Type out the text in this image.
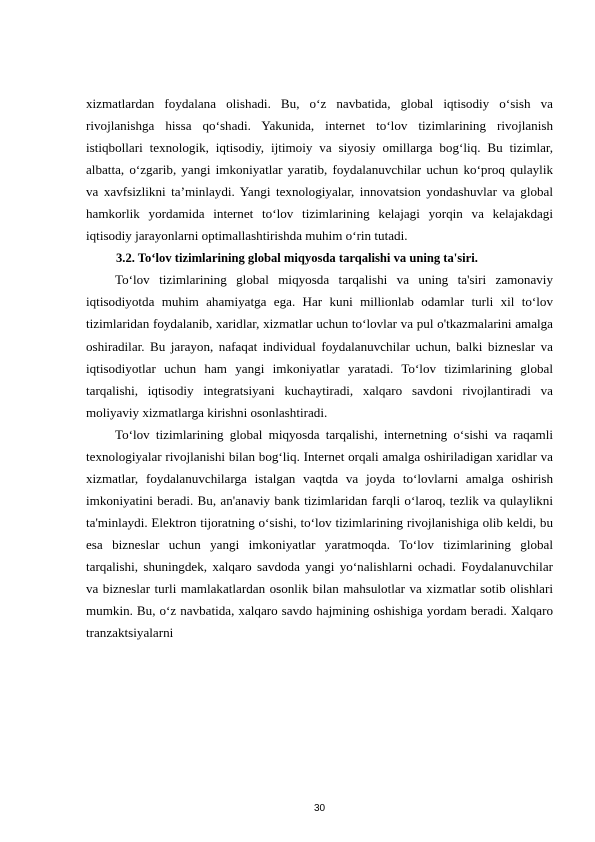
xizmatlardan foydalana olishadi. Bu, o‘z navbatida, global iqtisodiy o‘sish va rivojlanishga hissa qo‘shadi. Yakunida, internet to‘lov tizimlarining rivojlanish istiqbollari texnologik, iqtisodiy, ijtimoiy va siyosiy omillarga bog‘liq. Bu tizimlar, albatta, o‘zgarib, yangi imkoniyatlar yaratib, foydalanuvchilar uchun ko‘proq qulaylik va xavfsizlikni ta’minlaydi. Yangi texnologiyalar, innovatsion yondashuvlar va global hamkorlik yordamida internet to‘lov tizimlarining kelajagi yorqin va kelajakdagi iqtisodiy jarayonlarni optimallashtirishda muhim o‘rin tutadi.

3.2. To‘lov tizimlarining global miqyosda tarqalishi va uning ta'siri.

To‘lov tizimlarining global miqyosda tarqalishi va uning ta'siri zamonaviy iqtisodiyotda muhim ahamiyatga ega. Har kuni millionlab odamlar turli xil to‘lov tizimlaridan foydalanib, xaridlar, xizmatlar uchun to‘lovlar va pul o'tkazmalarini amalga oshiradilar. Bu jarayon, nafaqat individual foydalanuvchilar uchun, balki bizneslar va iqtisodiyotlar uchun ham yangi imkoniyatlar yaratadi. To‘lov tizimlarining global tarqalishi, iqtisodiy integratsiyani kuchaytiradi, xalqaro savdoni rivojlantiradi va moliyaviy xizmatlarga kirishni osonlashtiradi.

To‘lov tizimlarining global miqyosda tarqalishi, internetning o‘sishi va raqamli texnologiyalar rivojlanishi bilan bog‘liq. Internet orqali amalga oshiriladigan xaridlar va xizmatlar, foydalanuvchilarga istalgan vaqtda va joyda to‘lovlarni amalga oshirish imkoniyatini beradi. Bu, an'anaviy bank tizimlaridan farqli o‘laroq, tezlik va qulaylikni ta'minlaydi. Elektron tijoratning o‘sishi, to‘lov tizimlarining rivojlanishiga olib keldi, bu esa bizneslar uchun yangi imkoniyatlar yaratmoqda. To‘lov tizimlarining global tarqalishi, shuningdek, xalqaro savdoda yangi yo‘nalishlarni ochadi. Foydalanuvchilar va bizneslar turli mamlakatlardan osonlik bilan mahsulotlar va xizmatlar sotib olishlari mumkin. Bu, o‘z navbatida, xalqaro savdo hajmining oshishiga yordam beradi. Xalqaro tranzaktsiyalarni

30
